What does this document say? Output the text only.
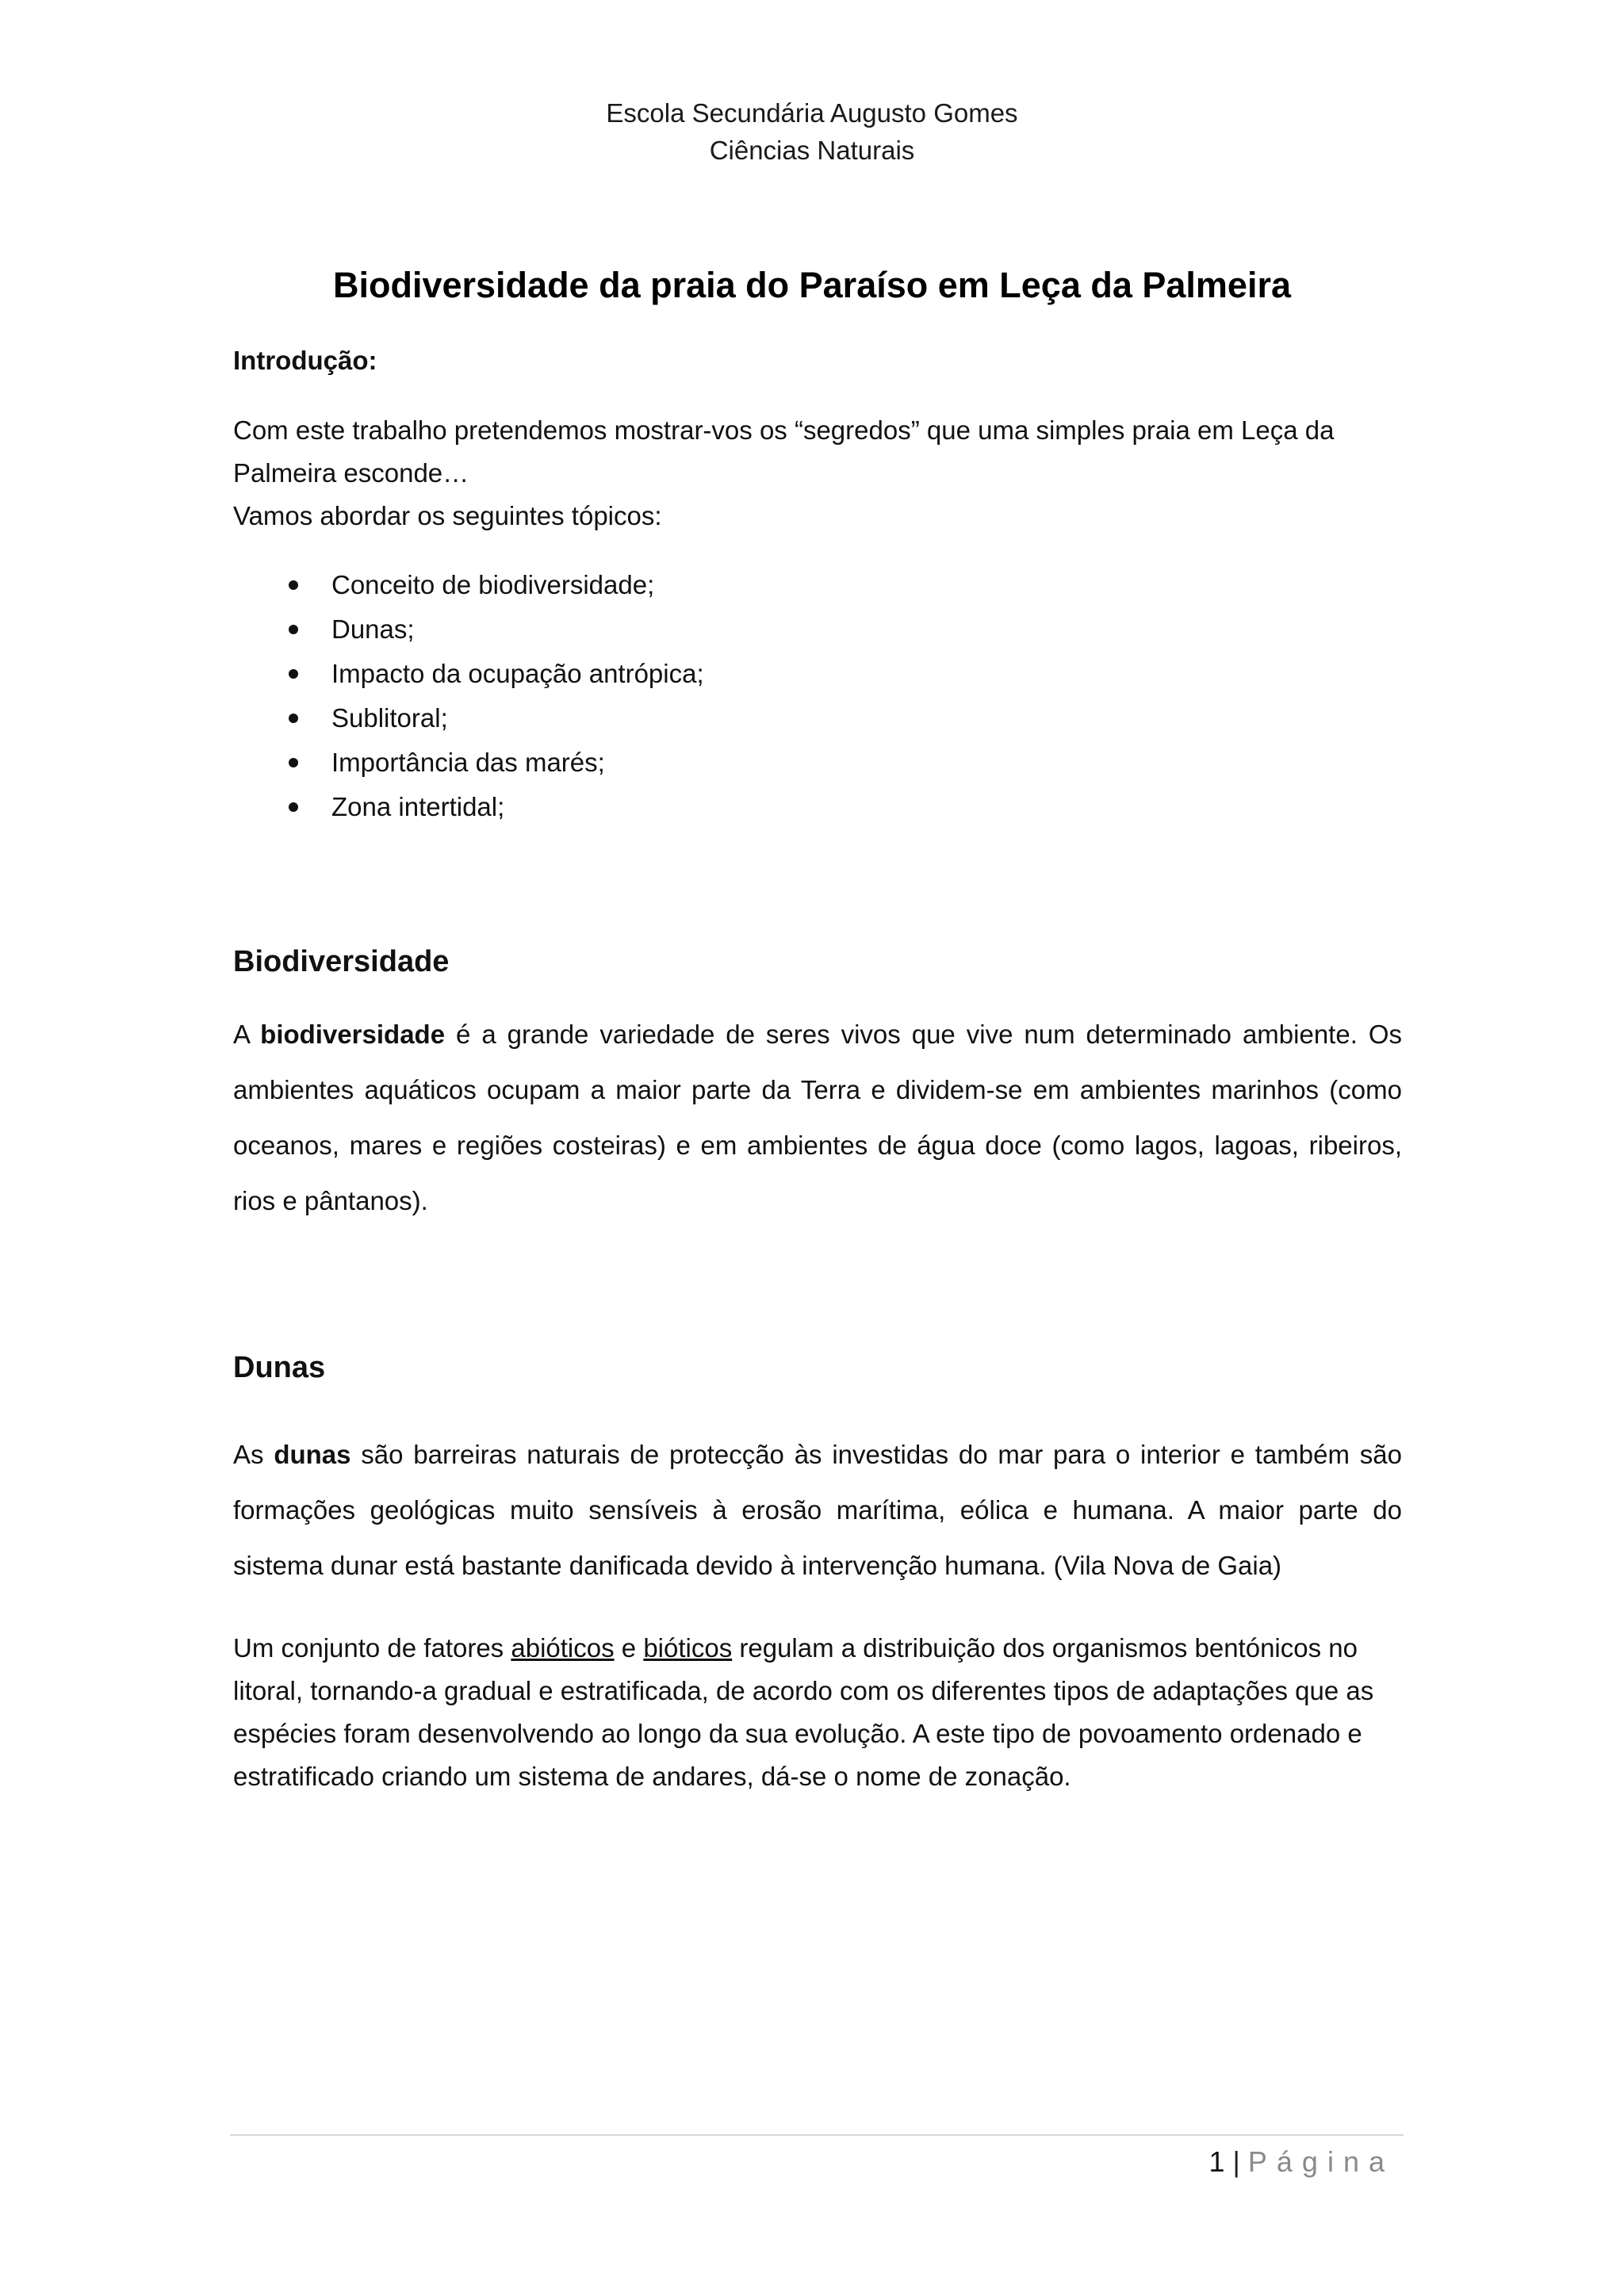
Escola Secundária Augusto Gomes
Ciências Naturais
Biodiversidade da praia do Paraíso em Leça da Palmeira
Introdução:

Com este trabalho pretendemos mostrar-vos os “segredos” que uma simples praia em Leça da Palmeira esconde…

Vamos abordar os seguintes tópicos:

Conceito de biodiversidade;
Dunas;
Impacto da ocupação antrópica;
Sublitoral;
Importância das marés;
Zona intertidal;
Biodiversidade

A biodiversidade é a grande variedade de seres vivos que vive num determinado ambiente. Os ambientes aquáticos ocupam a maior parte da Terra e dividem-se em ambientes marinhos (como oceanos, mares e regiões costeiras) e em ambientes de água doce (como lagos, lagoas, ribeiros, rios e pântanos).

Dunas

As dunas são barreiras naturais de protecção às investidas do mar para o interior e também são formações geológicas muito sensíveis à erosão marítima, eólica e humana. A maior parte do sistema dunar está bastante danificada devido à intervenção humana. (Vila Nova de Gaia)

Um conjunto de fatores abióticos e bióticos regulam a distribuição dos organismos bentónicos no litoral, tornando-a gradual e estratificada, de acordo com os diferentes tipos de adaptações que as espécies foram desenvolvendo ao longo da sua evolução. A este tipo de povoamento ordenado e estratificado criando um sistema de andares, dá-se o nome de zonação.

1 | Página
